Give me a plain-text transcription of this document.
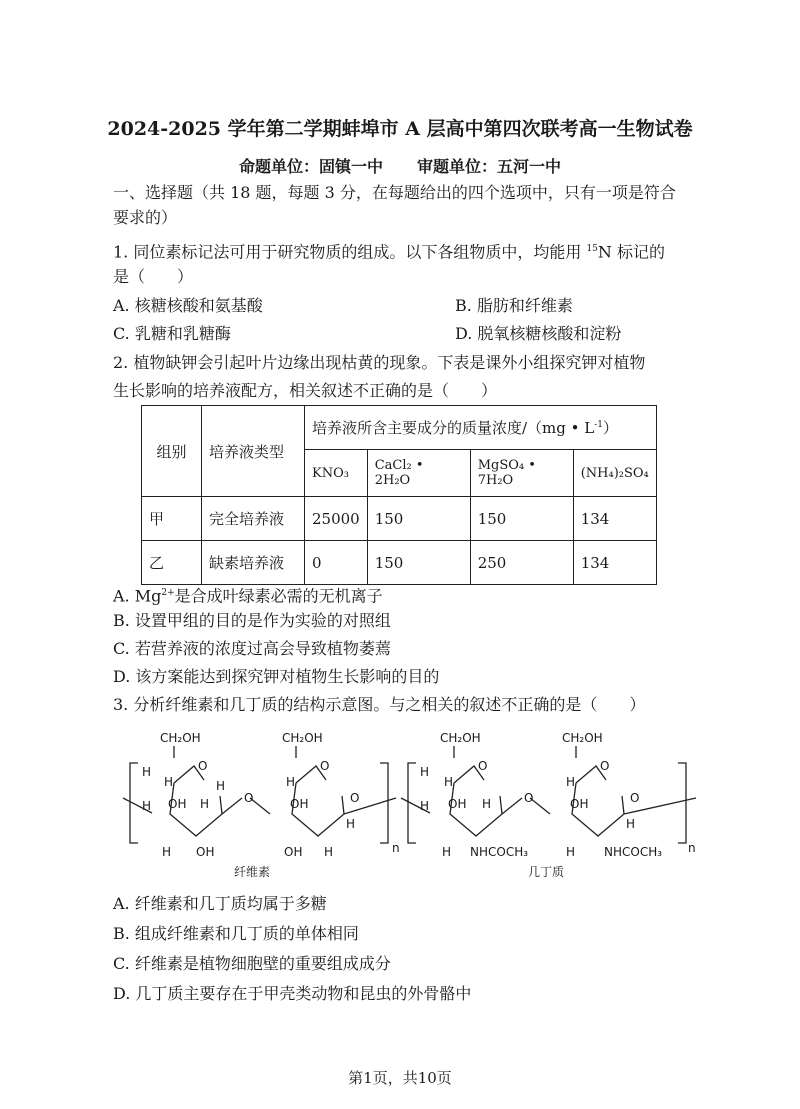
2024-2025 学年第二学期蚌埠市 A 层高中第四次联考高一生物试卷
命题单位：固镇一中 审题单位：五河一中
一、选择题（共 18 题，每题 3 分，在每题给出的四个选项中，只有一项是符合
要求的）
1. 同位素标记法可用于研究物质的组成。以下各组物质中，均能用 $^{15}$N 标记的
是（　　）
A. 核糖核酸和氨基酸	B. 脂肪和纤维素
C. 乳糖和乳糖酶	D. 脱氧核糖核酸和淀粉
2. 植物缺钾会引起叶片边缘出现枯黄的现象。下表是课外小组探究钾对植物
生长影响的培养液配方，相关叙述不正确的是（　　）
组别	培养液类型	培养液所含主要成分的质量浓度/（mg • $L^{-1}$）			
		KNO₃	CaCl₂ • 2H₂O	MgSO₄ • 7H₂O	(NH₄)₂SO₄
甲	完全培养液	25000	150	150	134
乙	缺素培养液	0	150	250	134
A. $Mg^{2+}$是合成叶绿素必需的无机离子
B. 设置甲组的目的是作为实验的对照组
C. 若营养液的浓度过高会导致植物萎蔫
D. 该方案能达到探究钾对植物生长影响的目的
3. 分析纤维素和几丁质的结构示意图。与之相关的叙述不正确的是（　　）
CH₂OH	CH₂OH
H
H
O
H
O
H OH H
H OH
H
O
OH	O
H
OH H	n
纤维素
CH₂OH	CH₂OH
H
H
O
O
H OH H
H NHCOCH₃
H
O
OH	O
H
H NHCOCH₃ n
几丁质
A. 纤维素和几丁质均属于多糖
B. 组成纤维素和几丁质的单体相同
C. 纤维素是植物细胞壁的重要组成成分
D. 几丁质主要存在于甲壳类动物和昆虫的外骨骼中
第1页，共10页
